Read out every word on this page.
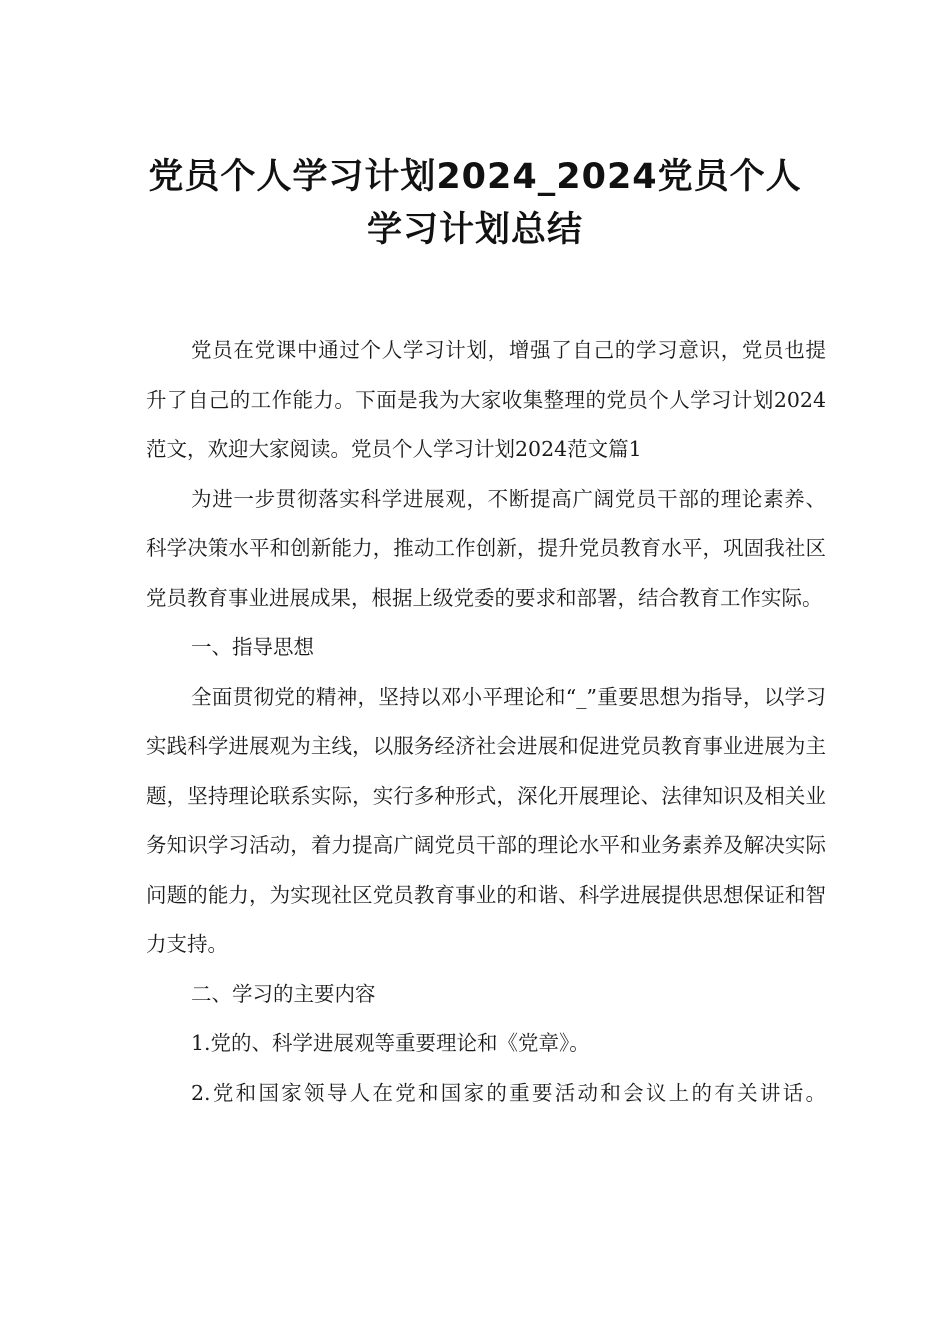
党员个人学习计划2024_2024党员个人
学习计划总结

党员在党课中通过个人学习计划，增强了自己的学习意识，党员也提升了自己的工作能力。下面是我为大家收集整理的党员个人学习计划2024范文，欢迎大家阅读。党员个人学习计划2024范文篇1

为进一步贯彻落实科学进展观，不断提高广阔党员干部的理论素养、科学决策水平和创新能力，推动工作创新，提升党员教育水平，巩固我社区党员教育事业进展成果，根据上级党委的要求和部署，结合教育工作实际。

一、指导思想

全面贯彻党的精神，坚持以邓小平理论和“_”重要思想为指导，以学习实践科学进展观为主线，以服务经济社会进展和促进党员教育事业进展为主题，坚持理论联系实际，实行多种形式，深化开展理论、法律知识及相关业务知识学习活动，着力提高广阔党员干部的理论水平和业务素养及解决实际问题的能力，为实现社区党员教育事业的和谐、科学进展提供思想保证和智力支持。

二、学习的主要内容

1.党的、科学进展观等重要理论和《党章》。

2.党和国家领导人在党和国家的重要活动和会议上的有关讲话。
